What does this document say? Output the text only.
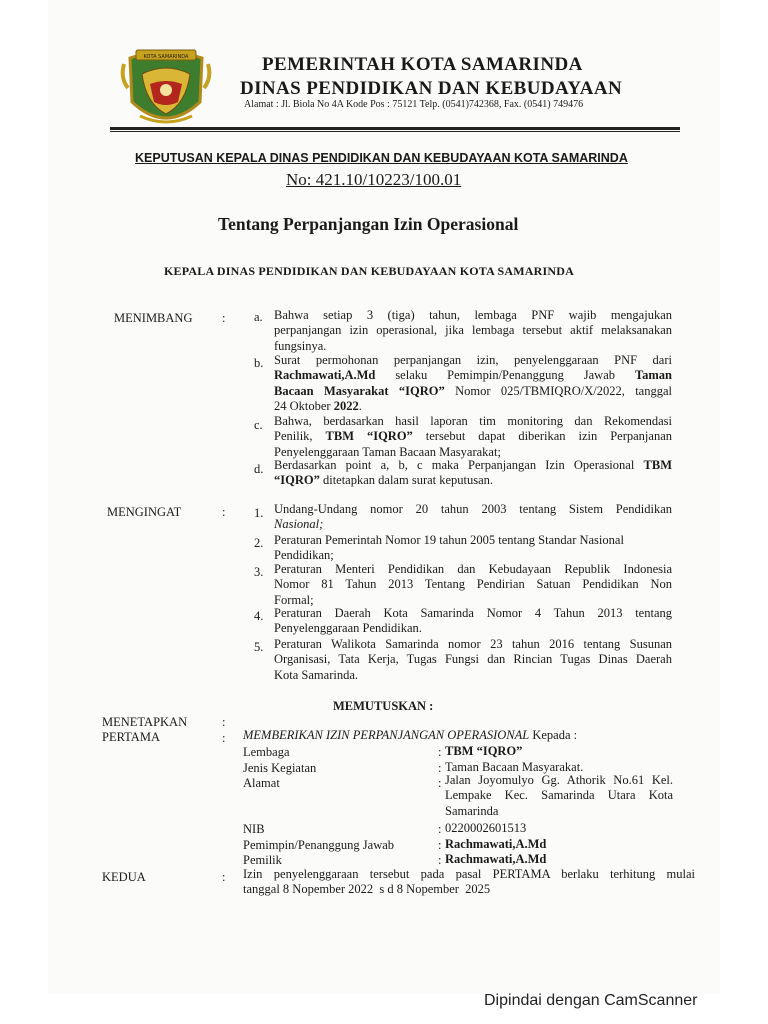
KOTA SAMARINDA	PEMERINTAH KOTA SAMARINDA
DINAS PENDIDIKAN DAN KEBUDAYAAN
Alamat : Jl. Biola No 4A Kode Pos : 75121 Telp. (0541)742368, Fax. (0541) 749476
KEPUTUSAN KEPALA DINAS PENDIDIKAN DAN KEBUDAYAAN KOTA SAMARINDA
No: 421.10/10223/100.01
Tentang Perpanjangan Izin Operasional
KEPALA DINAS PENDIDIKAN DAN KEBUDAYAAN KOTA SAMARINDA
MENIMBANG : a. Bahwa setiap 3 (tiga) tahun, lembaga PNF wajib mengajukan
perpanjangan izin operasional, jika lembaga tersebut aktif melaksanakan
fungsinya.
b. Surat permohonan perpanjangan izin, penyelenggaraan PNF dari
Rachmawati,A.Md selaku Pemimpin/Penanggung Jawab Taman
Bacaan Masyarakat “IQRO” Nomor 025/TBMIQRO/X/2022, tanggal
24 Oktober 2022.
c. Bahwa, berdasarkan hasil laporan tim monitoring dan Rekomendasi
Penilik, TBM “IQRO” tersebut dapat diberikan izin Perpanjanan
Penyelenggaraan Taman Bacaan Masyarakat;
d. Berdasarkan point a, b, c maka Perpanjangan Izin Operasional TBM
“IQRO” ditetapkan dalam surat keputusan.
MENGINGAT	: 1. Undang-Undang nomor 20 tahun 2003 tentang Sistem Pendidikan
Nasional;
2. Peraturan Pemerintah Nomor 19 tahun 2005 tentang Standar Nasional
Pendidikan;
3. Peraturan Menteri Pendidikan dan Kebudayaan Republik Indonesia
Nomor 81 Tahun 2013 Tentang Pendirian Satuan Pendidikan Non
Formal;
4. Peraturan Daerah Kota Samarinda Nomor 4 Tahun 2013 tentang
Penyelenggaraan Pendidikan.
5. Peraturan Walikota Samarinda nomor 23 tahun 2016 tentang Susunan
Organisasi, Tata Kerja, Tugas Fungsi dan Rincian Tugas Dinas Daerah
Kota Samarinda.
MEMUTUSKAN :
MENETAPKAN	:
PERTAMA	: MEMBERIKAN IZIN PERPANJANGAN OPERASIONAL Kepada :
Lembaga	: TBM “IQRO”
Jenis Kegiatan	: Taman Bacaan Masyarakat.
Alamat	: Jalan Joyomulyo Gg. Athorik No.61 Kel.
Lempake Kec. Samarinda Utara Kota
Samarinda
NIB	: 0220002601513
Pemimpin/Penanggung Jawab	: Rachmawati,A.Md
Pemilik	: Rachmawati,A.Md
KEDUA	: Izin penyelenggaraan tersebut pada pasal PERTAMA berlaku terhitung mulai
tanggal 8 Nopember 2022  s d 8 Nopember  2025
Dipindai dengan CamScanner
